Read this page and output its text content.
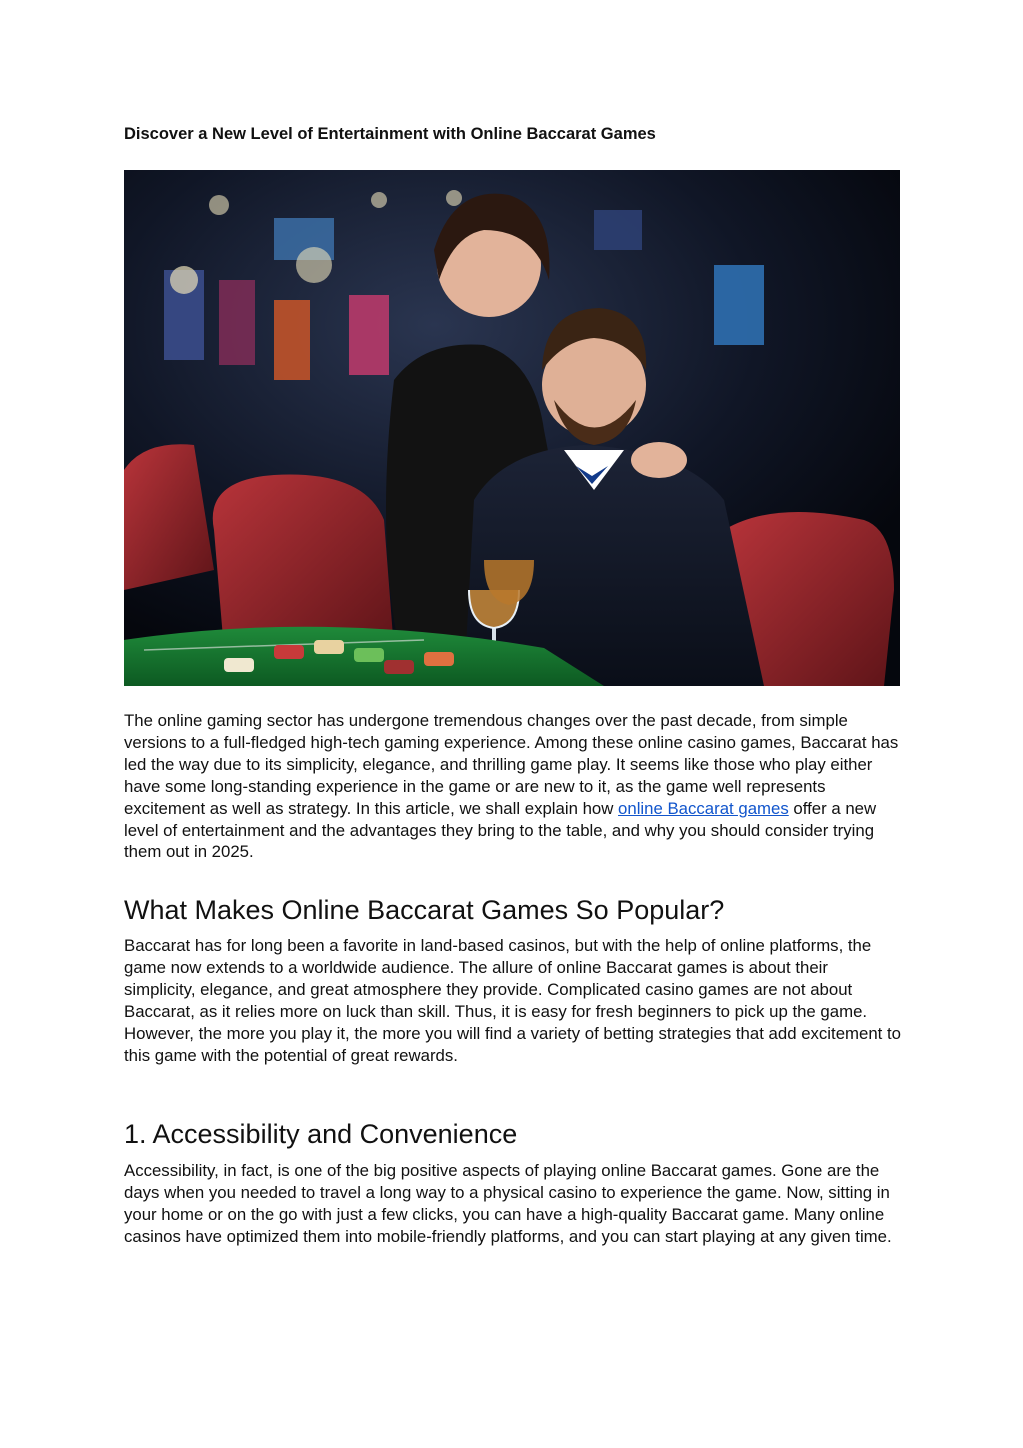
Discover a New Level of Entertainment with Online Baccarat Games

The online gaming sector has undergone tremendous changes over the past decade, from simple versions to a full-fledged high-tech gaming experience. Among these online casino games, Baccarat has led the way due to its simplicity, elegance, and thrilling game play. It seems like those who play either have some long-standing experience in the game or are new to it, as the game well represents excitement as well as strategy. In this article, we shall explain how online Baccarat games offer a new level of entertainment and the advantages they bring to the table, and why you should consider trying them out in 2025.

What Makes Online Baccarat Games So Popular?

Baccarat has for long been a favorite in land-based casinos, but with the help of online platforms, the game now extends to a worldwide audience. The allure of online Baccarat games is about their simplicity, elegance, and great atmosphere they provide. Complicated casino games are not about Baccarat, as it relies more on luck than skill. Thus, it is easy for fresh beginners to pick up the game. However, the more you play it, the more you will find a variety of betting strategies that add excitement to this game with the potential of great rewards.

1. Accessibility and Convenience

Accessibility, in fact, is one of the big positive aspects of playing online Baccarat games. Gone are the days when you needed to travel a long way to a physical casino to experience the game. Now, sitting in your home or on the go with just a few clicks, you can have a high-quality Baccarat game. Many online casinos have optimized them into mobile-friendly platforms, and you can start playing at any given time.
